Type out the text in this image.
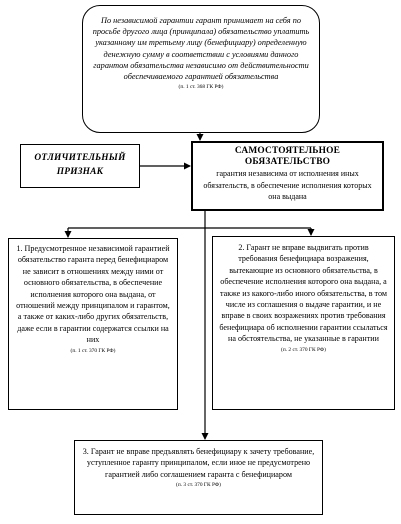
По независимой гарантии гарант принимает на себя по просьбе другого лица (принципала) обязательство уплатить указанному им третьему лицу (бенефициару) определенную денежную сумму в соответствии с условиями данного гарантом обязательства независимо от действительности обеспечиваемого гарантией обязательства
(п. 1 ст. 368 ГК РФ)
ОТЛИЧИТЕЛЬНЫЙ
ПРИЗНАК
САМОСТОЯТЕЛЬНОЕ ОБЯЗАТЕЛЬСТВО
гарантия независима от исполнения иных обязательств, в обеспечение исполнения которых она выдана
1. Предусмотренное независимой гарантией обязательство гаранта перед бенефициаром не зависит в отношениях между ними от основного обязательства, в обеспечение исполнения которого она выдана, от отношений между принципалом и гарантом, а также от каких-либо других обязательств, даже если в гарантии содержатся ссылки на них
(п. 1 ст. 370 ГК РФ)
2. Гарант не вправе выдвигать против требования бенефициара возражения, вытекающие из основного обязательства, в обеспечение исполнения которого она выдана, а также из какого-либо иного обязательства, в том числе из соглашения о выдаче гарантии, и не вправе в своих возражениях против требования бенефициара об исполнении гарантии ссылаться на обстоятельства, не указанные в гарантии
(п. 2 ст. 370 ГК РФ)
3. Гарант не вправе предъявлять бенефициару к зачету требование, уступленное гаранту принципалом, если иное не предусмотрено гарантией либо соглашением гаранта с бенефициаром
(п. 3 ст. 370 ГК РФ)
